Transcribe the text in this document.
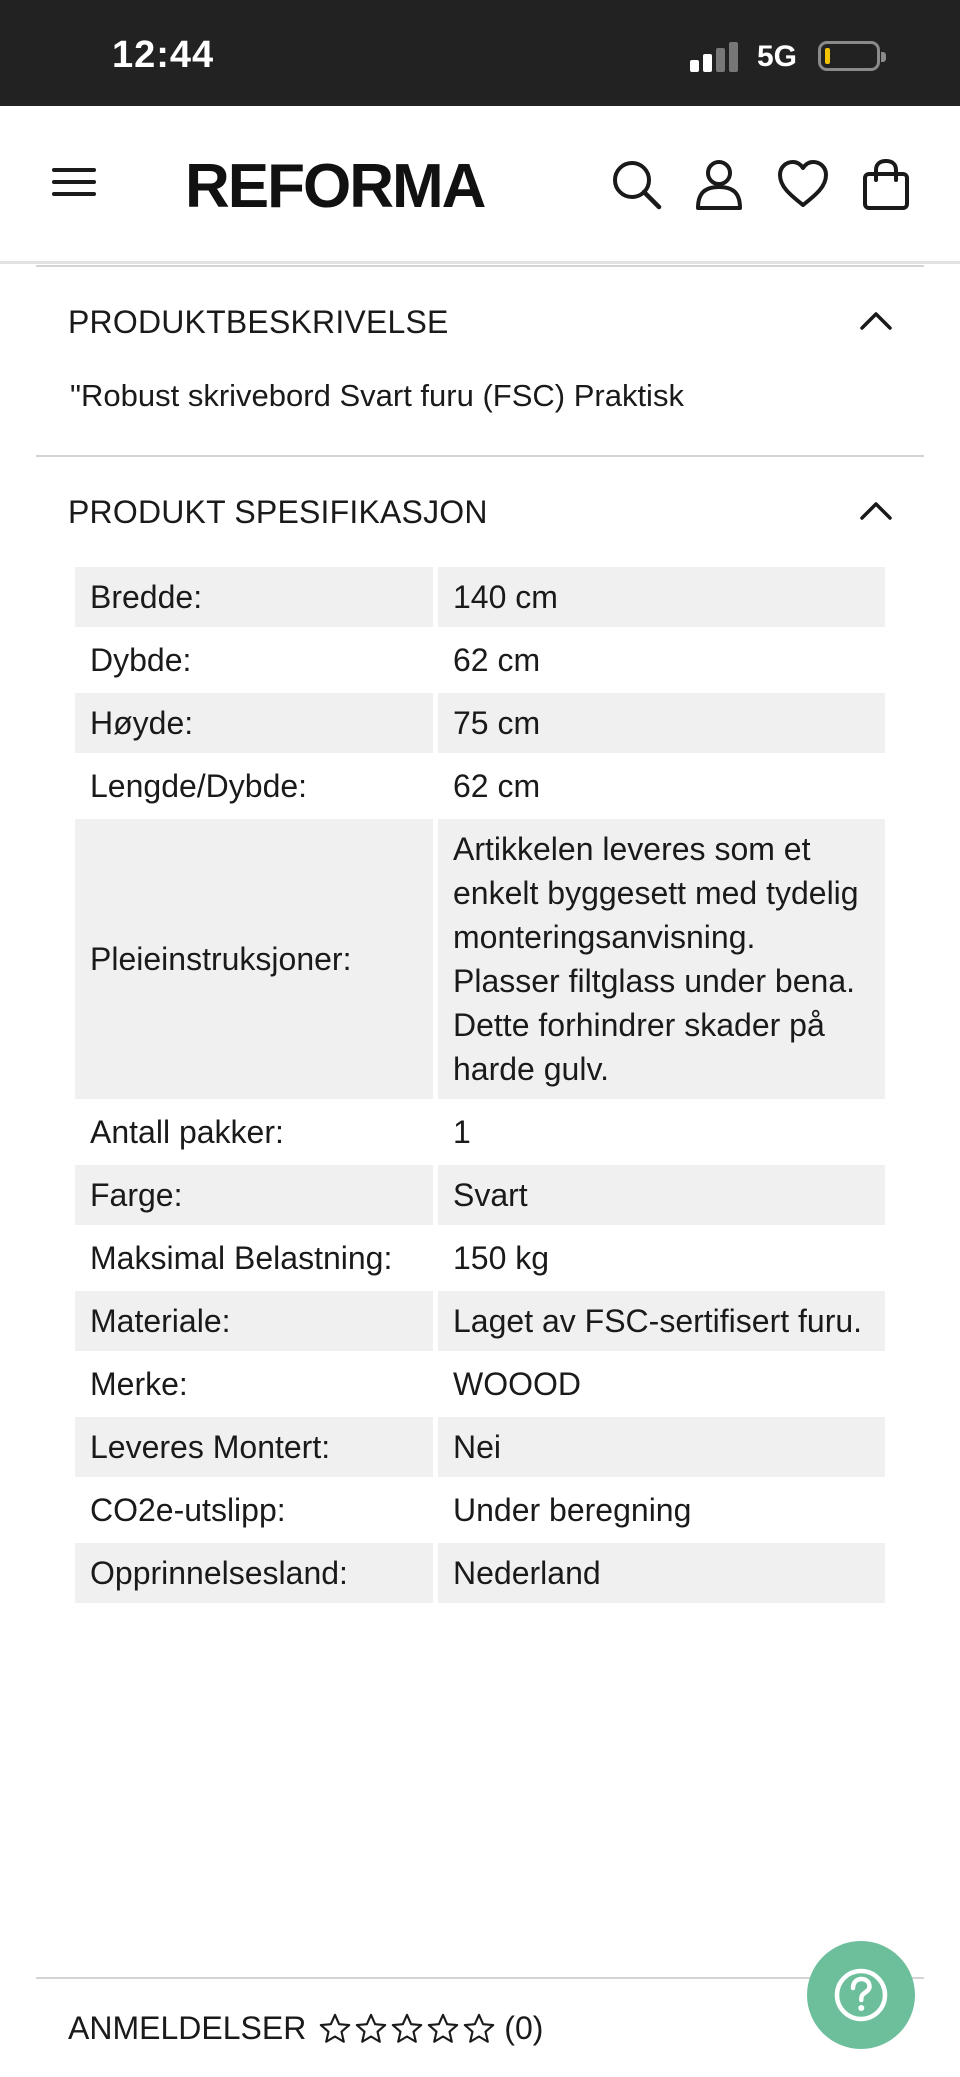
12:44	5G
REFORMA
PRODUKTBESKRIVELSE
"Robust skrivebord Svart furu (FSC) Praktisk
PRODUKT SPESIFIKASJON
Bredde:	140 cm
Dybde:	62 cm
Høyde:	75 cm
Lengde/Dybde:	62 cm
Pleieinstruksjoner:
Artikkelen leveres som et enkelt byggesett med tydelig monteringsanvisning. Plasser filtglass under bena. Dette forhindrer skader på harde gulv.
Antall pakker:	1
Farge:	Svart
Maksimal Belastning:	150 kg
Materiale:	Laget av FSC-sertifisert furu.
Merke:	WOOOD
Leveres Montert:	Nei
CO2e-utslipp:	Under beregning
Opprinnelsesland:	Nederland
ANMELDELSER	(0)
